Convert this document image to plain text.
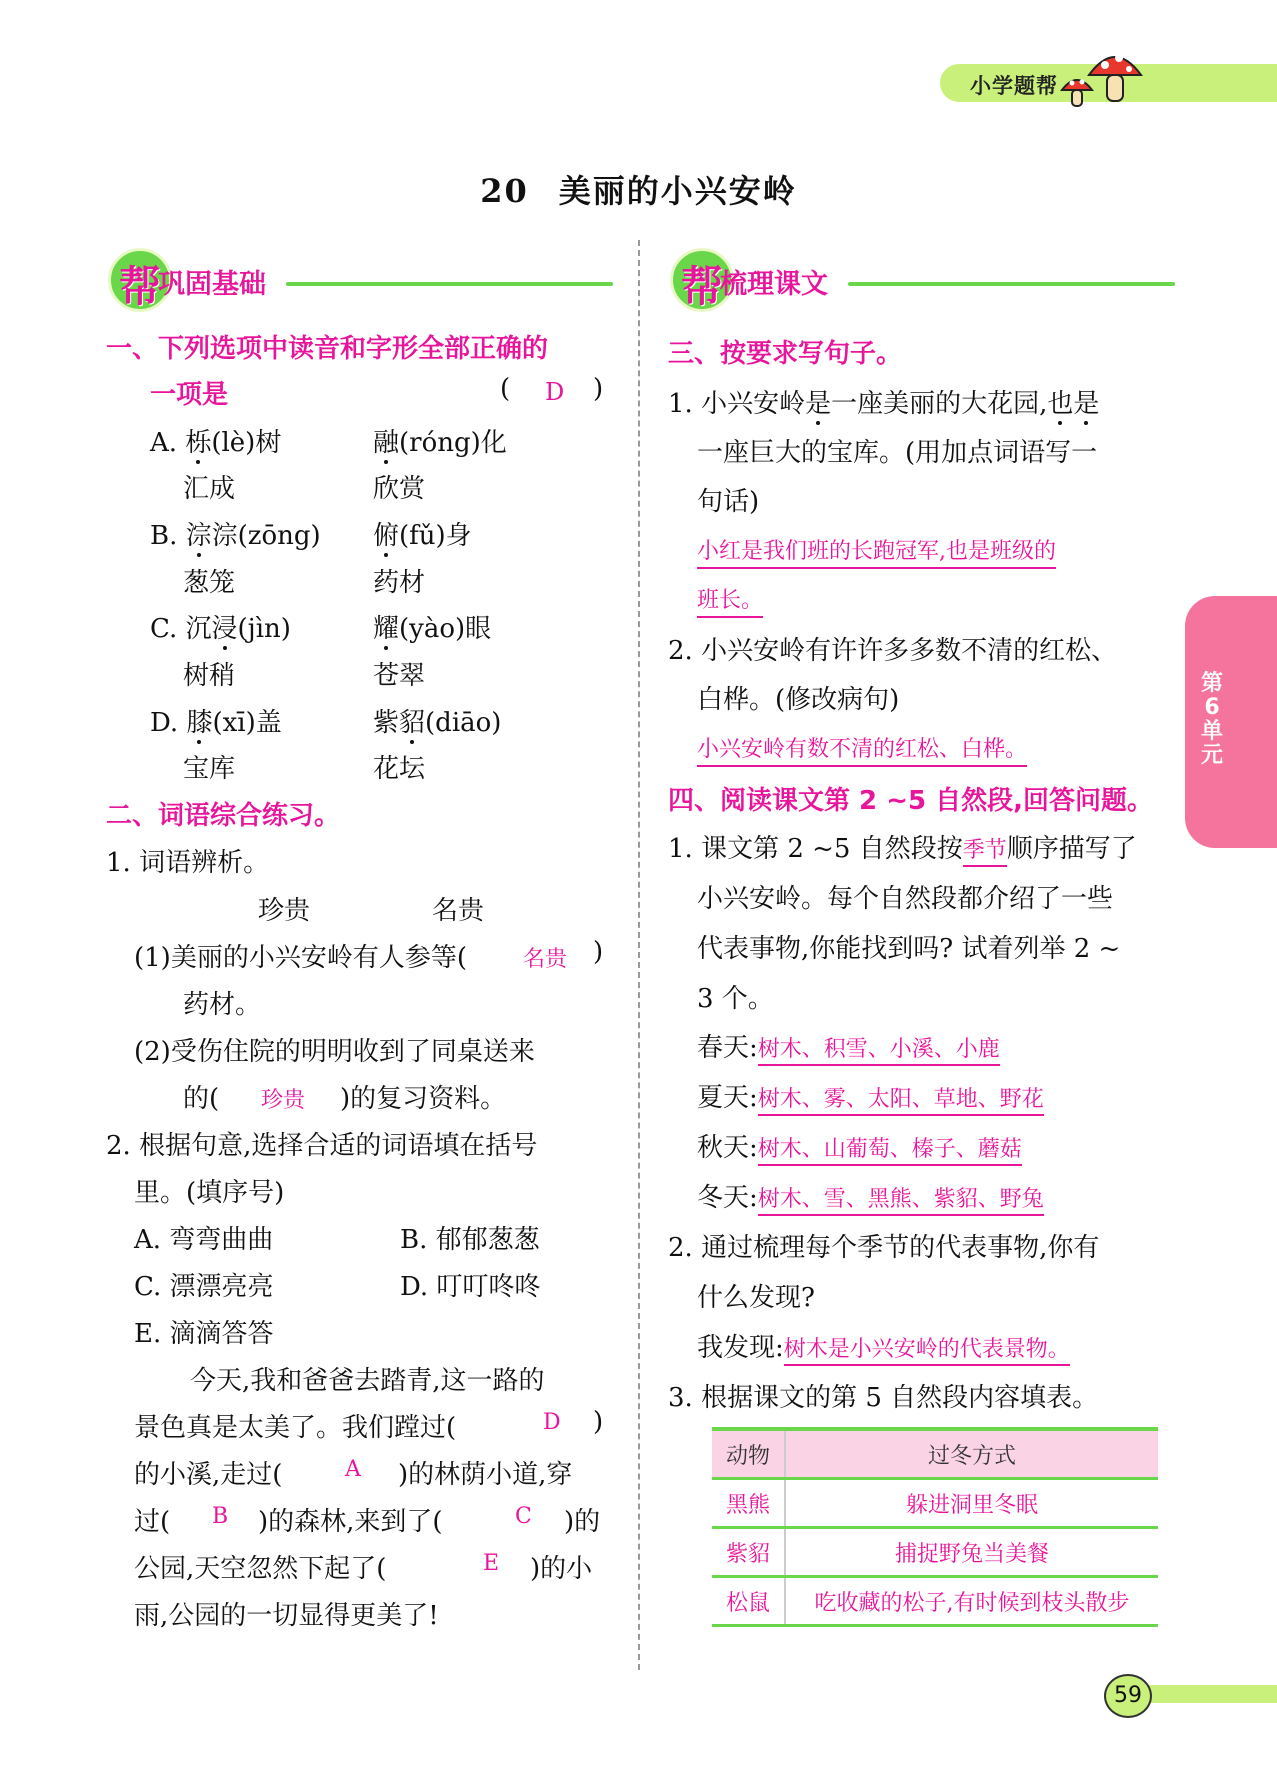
小学题帮
20 美丽的小兴安岭
帮
巩固基础
一、下列选项中读音和字形全部正确的
一项是	( D )
A. 栎(lè)树	融(róng)化
汇成	欣赏
B. 淙淙(zōng) 俯(fǔ)身
葱笼	药材
C. 沉浸(jìn)	耀(yào)眼
树稍	苍翠
D. 膝(xī)盖	紫貂(diāo)
宝库	花坛
二、词语综合练习。
1. 词语辨析。
珍贵	名贵
(1)美丽的小兴安岭有人参等(	名贵 )
药材。
(2)受伤住院的明明收到了同桌送来
的( 珍贵 )的复习资料。
2. 根据句意,选择合适的词语填在括号
里。(填序号)
A. 弯弯曲曲	B. 郁郁葱葱
C. 漂漂亮亮	D. 叮叮咚咚
E. 滴滴答答
今天,我和爸爸去踏青,这一路的
景色真是太美了。我们蹚过(	D )
的小溪,走过(	A )的林荫小道,穿
过( B )的森林,来到了(	C )的
公园,天空忽然下起了(	E )的小
雨,公园的一切显得更美了!
帮
梳理课文
三、按要求写句子。
1. 小兴安岭是一座美丽的大花园,也是
一座巨大的宝库。(用加点词语写一
句话)
小红是我们班的长跑冠军,也是班级的
班长。
2. 小兴安岭有许许多多数不清的红松、
白桦。(修改病句)
小兴安岭有数不清的红松、白桦。
四、阅读课文第 2 ~5 自然段,回答问题。
1. 课文第 2 ~5 自然段按季节顺序描写了
小兴安岭。每个自然段都介绍了一些
代表事物,你能找到吗? 试着列举 2 ~
3 个。
春天:树木、积雪、小溪、小鹿
夏天:树木、雾、太阳、草地、野花
秋天:树木、山葡萄、榛子、蘑菇
冬天:树木、雪、黑熊、紫貂、野兔
2. 通过梳理每个季节的代表事物,你有
什么发现?
我发现:树木是小兴安岭的代表景物。
3. 根据课文的第 5 自然段内容填表。
动物	过冬方式
黑熊	躲进洞里冬眠
紫貂	捕捉野兔当美餐
松鼠	吃收藏的松子,有时候到枝头散步
第6单元
59
